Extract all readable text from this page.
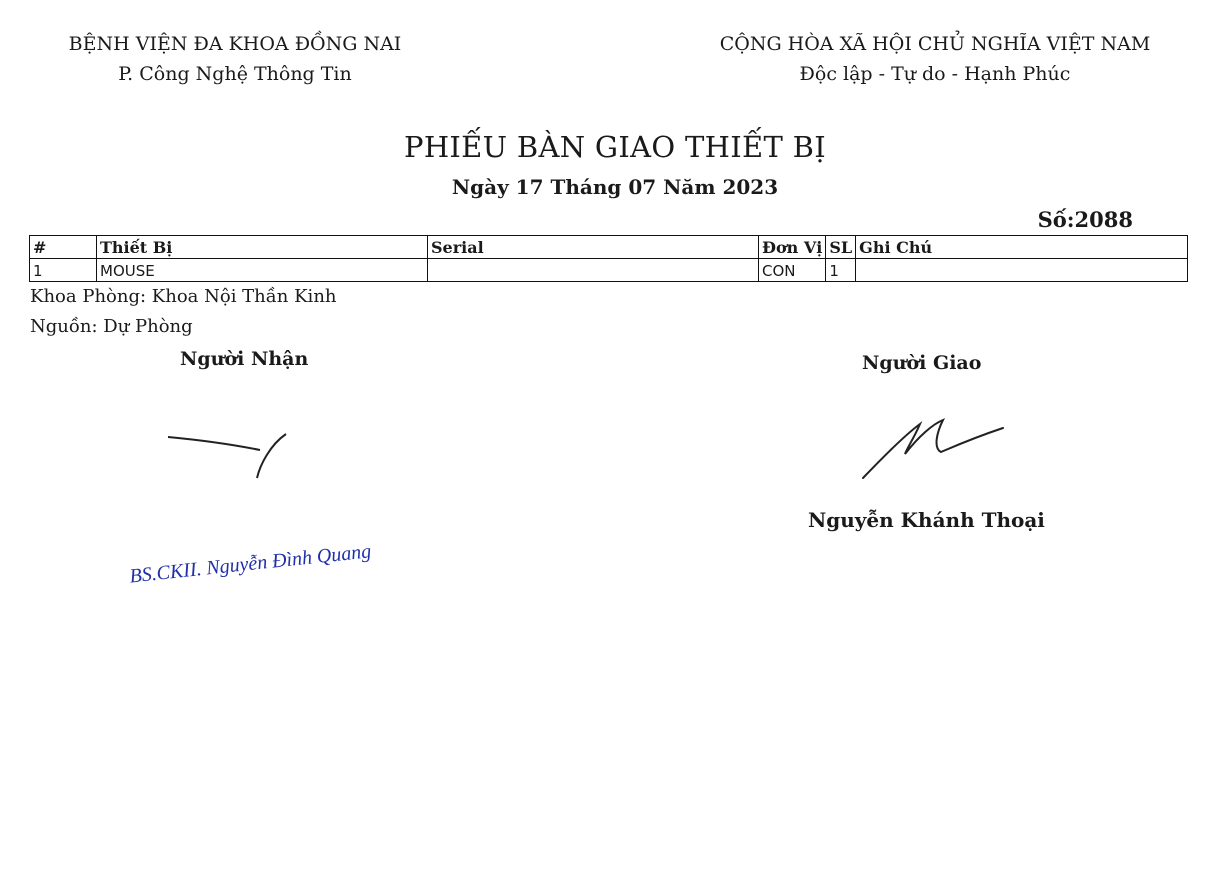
BỆNH VIỆN ĐA KHOA ĐỒNG NAI
P. Công Nghệ Thông Tin
CỘNG HÒA XÃ HỘI CHỦ NGHĨA VIỆT NAM
Độc lập - Tự do - Hạnh Phúc
PHIẾU BÀN GIAO THIẾT BỊ
Ngày 17 Tháng 07 Năm 2023
Số:2088
#	Thiết Bị	Serial	Đơn Vị	SL	Ghi Chú
1	MOUSE		CON	1	
Khoa Phòng: Khoa Nội Thần Kinh
Nguồn: Dự Phòng
Người Nhận	Người Giao
BS.CKII. Nguyễn Đình Quang
Nguyễn Khánh Thoại
